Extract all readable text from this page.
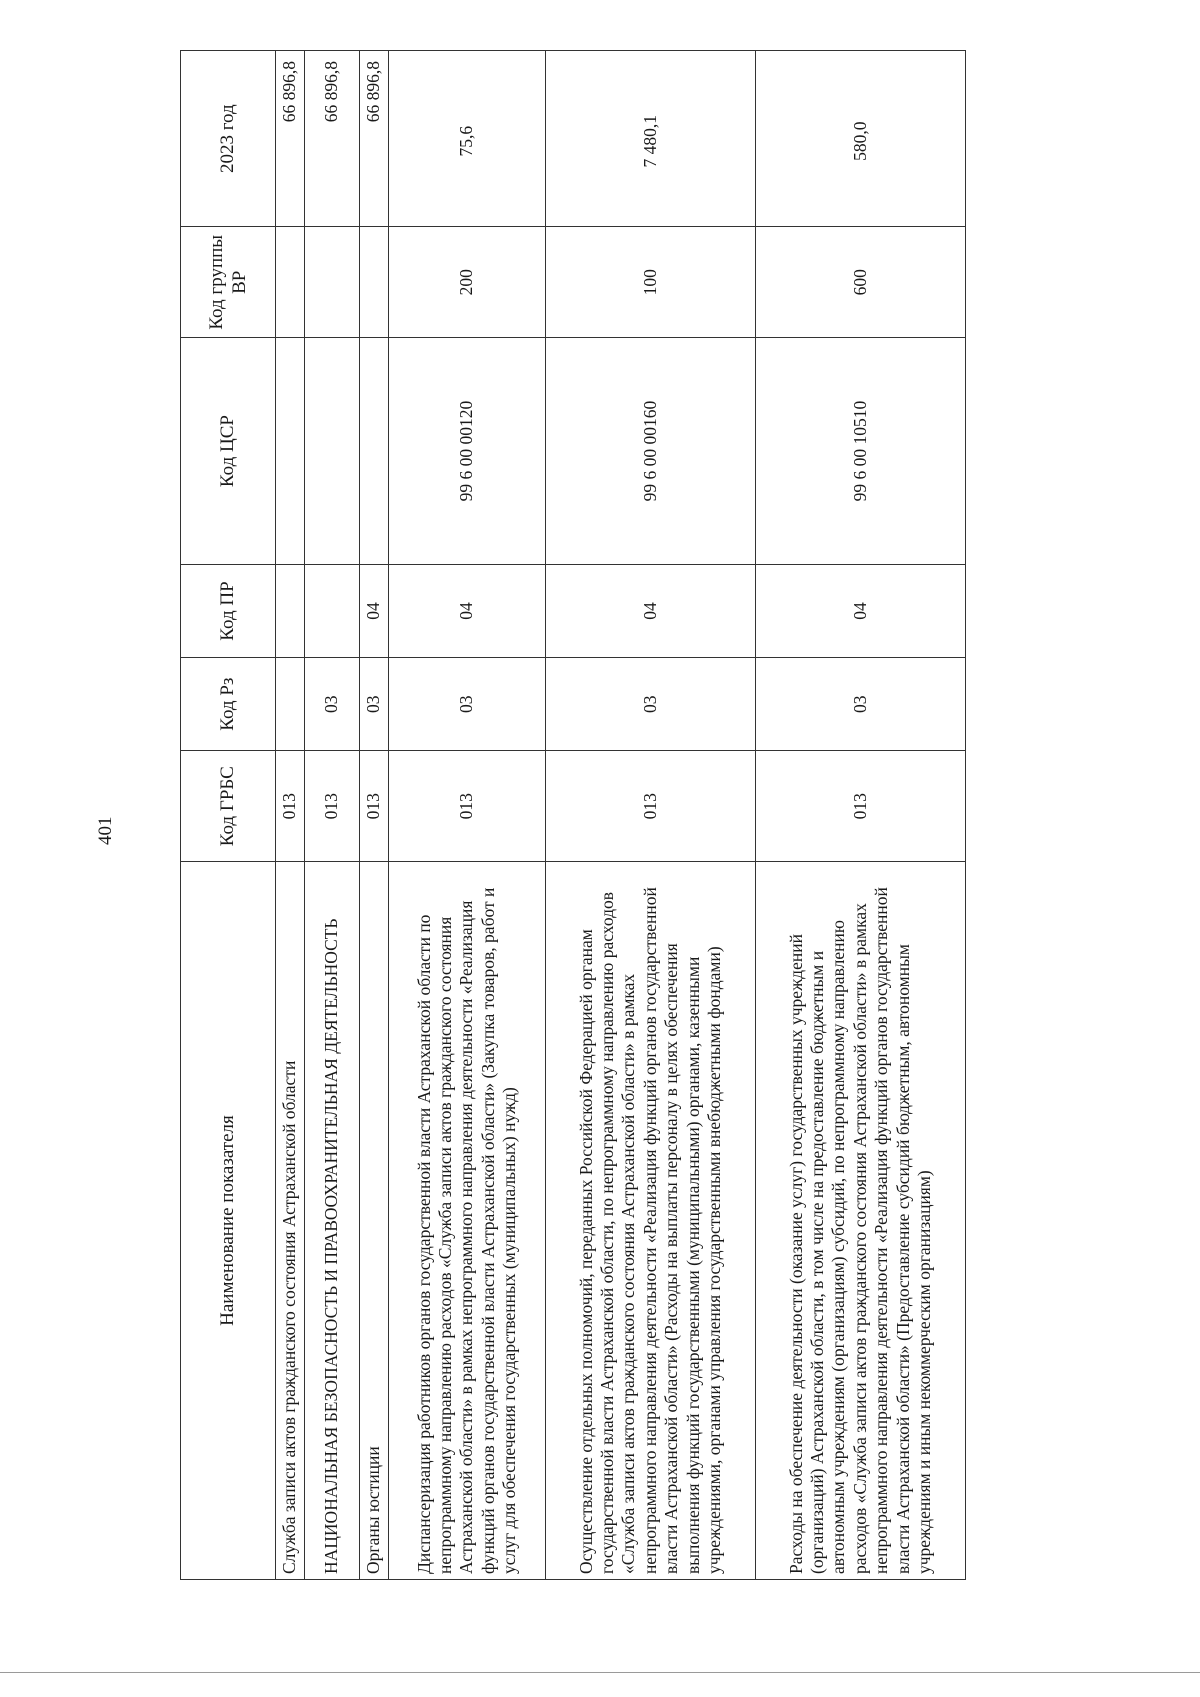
401
Наименование показателя	Код ГРБС	Код Рз	Код ПР	Код ЦСР	Код группы ВР	2023 год
Служба записи актов гражданского состояния Астраханской области	013					66 896,8
НАЦИОНАЛЬНАЯ БЕЗОПАСНОСТЬ И ПРАВООХРАНИТЕЛЬНАЯ ДЕЯТЕЛЬНОСТЬ	013	03				66 896,8
Органы юстиции	013	03	04			66 896,8
Диспансеризация работников органов государственной власти Астраханской области по непрограммному направлению расходов «Служба записи актов гражданского состояния Астраханской области» в рамках непрограммного направления деятельности «Реализация функций органов государственной власти Астраханской области» (Закупка товаров, работ и услуг для обеспечения государственных (муниципальных) нужд)	013	03	04	99 6 00 00120	200	75,6
Осуществление отдельных полномочий, переданных Российской Федерацией органам государственной власти Астраханской области, по непрограммному направлению расходов «Служба записи актов гражданского состояния Астраханской области» в рамках непрограммного направления деятельности «Реализация функций органов государственной власти Астраханской области» (Расходы на выплаты персоналу в целях обеспечения выполнения функций государственными (муниципальными) органами, казенными учреждениями, органами управления государственными внебюджетными фондами)	013	03	04	99 6 00 00160	100	7 480,1
Расходы на обеспечение деятельности (оказание услуг) государственных учреждений (организаций) Астраханской области, в том числе на предоставление бюджетным и автономным учреждениям (организациям) субсидий, по непрограммному направлению расходов «Служба записи актов гражданского состояния Астраханской области» в рамках непрограммного направления деятельности «Реализация функций органов государственной власти Астраханской области» (Предоставление субсидий бюджетным, автономным учреждениям и иным некоммерческим организациям)	013	03	04	99 6 00 10510	600	580,0
